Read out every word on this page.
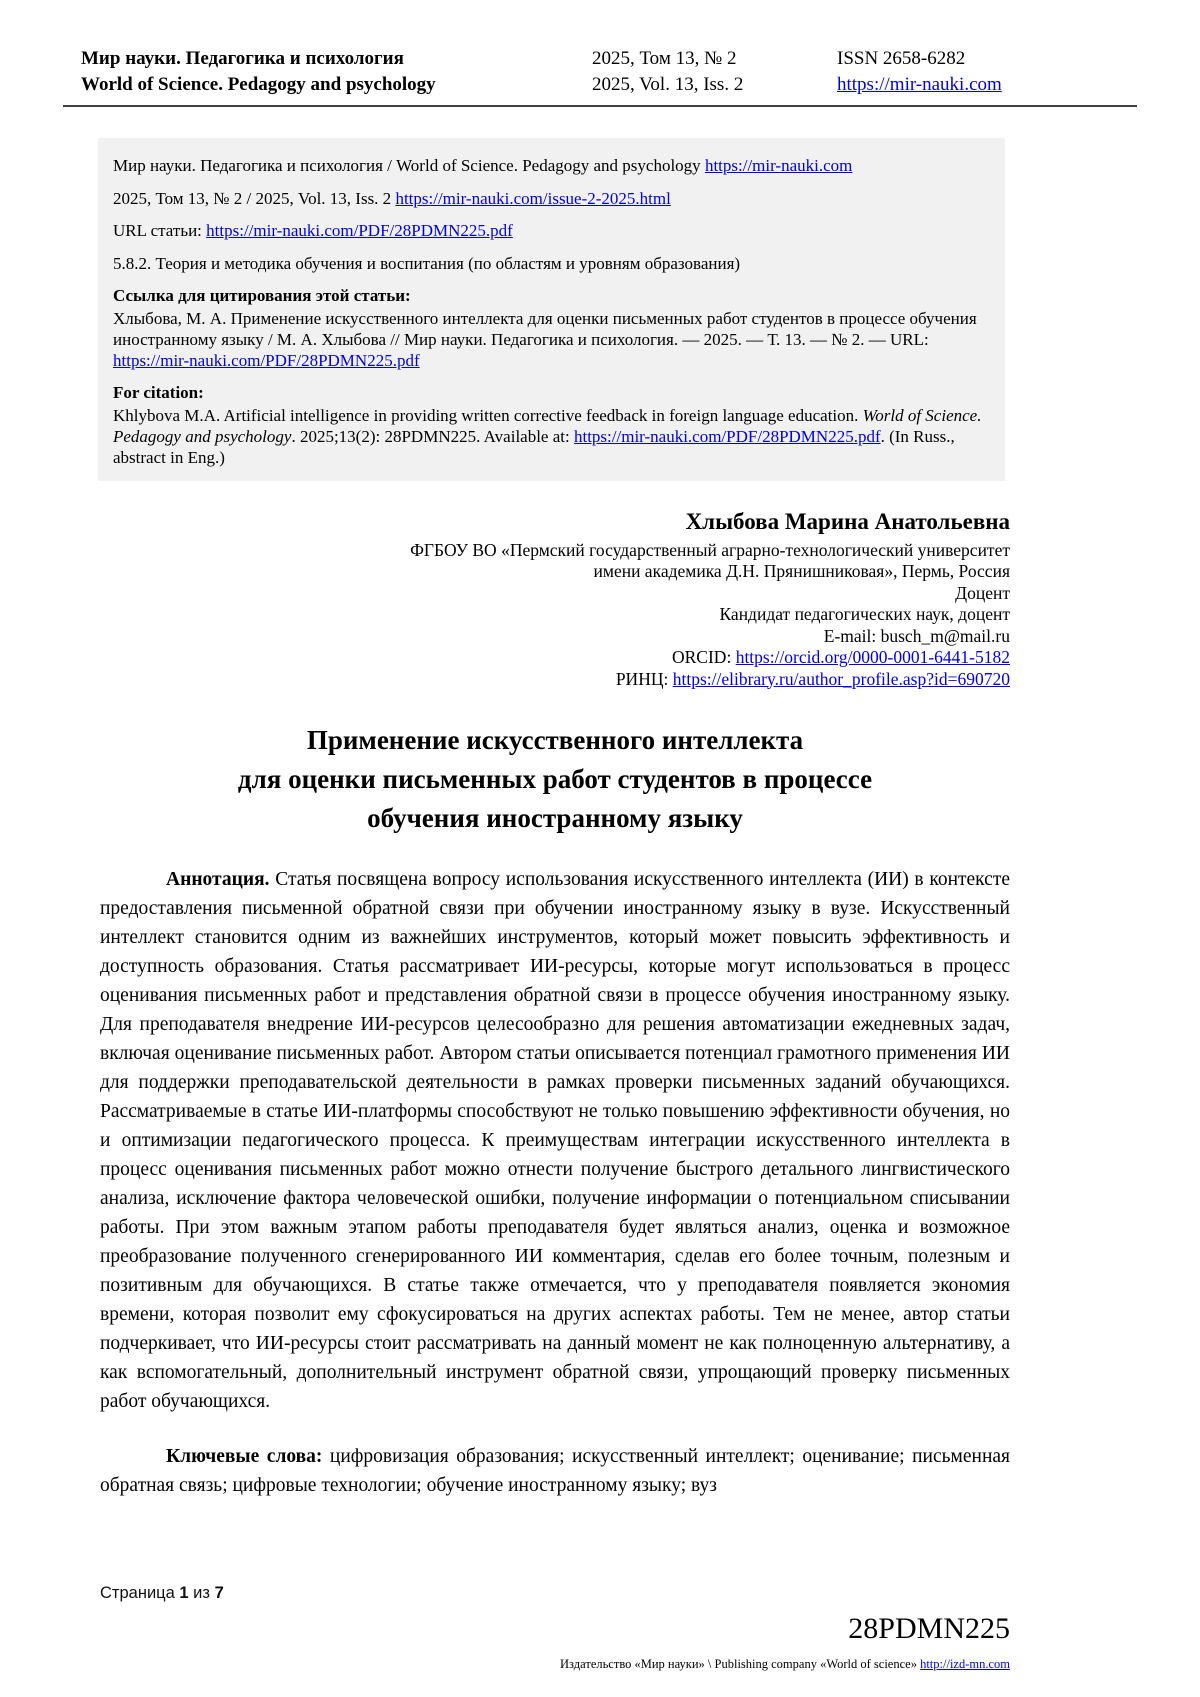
Мир науки. Педагогика и психология
World of Science. Pedagogy and psychology
2025, Том 13, № 2
2025, Vol. 13, Iss. 2
ISSN 2658-6282
https://mir-nauki.com
Мир науки. Педагогика и психология / World of Science. Pedagogy and psychology https://mir-nauki.com
2025, Том 13, № 2 / 2025, Vol. 13, Iss. 2 https://mir-nauki.com/issue-2-2025.html
URL статьи: https://mir-nauki.com/PDF/28PDMN225.pdf
5.8.2. Теория и методика обучения и воспитания (по областям и уровням образования)
Ссылка для цитирования этой статьи:
Хлыбова, М. А. Применение искусственного интеллекта для оценки письменных работ студентов в процессе обучения иностранному языку / М. А. Хлыбова // Мир науки. Педагогика и психология. — 2025. — Т. 13. — № 2. — URL: https://mir-nauki.com/PDF/28PDMN225.pdf
For citation:
Khlybova M.A. Artificial intelligence in providing written corrective feedback in foreign language education. World of Science. Pedagogy and psychology. 2025;13(2): 28PDMN225. Available at: https://mir-nauki.com/PDF/28PDMN225.pdf. (In Russ., abstract in Eng.)
Хлыбова Марина Анатольевна
ФГБОУ ВО «Пермский государственный аграрно-технологический университет
имени академика Д.Н. Прянишниковая», Пермь, Россия
Доцент
Кандидат педагогических наук, доцент
E-mail: busch_m@mail.ru
ORCID: https://orcid.org/0000-0001-6441-5182
РИНЦ: https://elibrary.ru/author_profile.asp?id=690720
Применение искусственного интеллекта
для оценки письменных работ студентов в процессе
обучения иностранному языку

Аннотация. Статья посвящена вопросу использования искусственного интеллекта (ИИ) в контексте предоставления письменной обратной связи при обучении иностранному языку в вузе. Искусственный интеллект становится одним из важнейших инструментов, который может повысить эффективность и доступность образования. Статья рассматривает ИИ-ресурсы, которые могут использоваться в процесс оценивания письменных работ и представления обратной связи в процессе обучения иностранному языку. Для преподавателя внедрение ИИ-ресурсов целесообразно для решения автоматизации ежедневных задач, включая оценивание письменных работ. Автором статьи описывается потенциал грамотного применения ИИ для поддержки преподавательской деятельности в рамках проверки письменных заданий обучающихся. Рассматриваемые в статье ИИ-платформы способствуют не только повышению эффективности обучения, но и оптимизации педагогического процесса. К преимуществам интеграции искусственного интеллекта в процесс оценивания письменных работ можно отнести получение быстрого детального лингвистического анализа, исключение фактора человеческой ошибки, получение информации о потенциальном списывании работы. При этом важным этапом работы преподавателя будет являться анализ, оценка и возможное преобразование полученного сгенерированного ИИ комментария, сделав его более точным, полезным и позитивным для обучающихся. В статье также отмечается, что у преподавателя появляется экономия времени, которая позволит ему сфокусироваться на других аспектах работы. Тем не менее, автор статьи подчеркивает, что ИИ-ресурсы стоит рассматривать на данный момент не как полноценную альтернативу, а как вспомогательный, дополнительный инструмент обратной связи, упрощающий проверку письменных работ обучающихся.

Ключевые слова: цифровизация образования; искусственный интеллект; оценивание; письменная обратная связь; цифровые технологии; обучение иностранному языку; вуз

Страница 1 из 7
28PDMN225
Издательство «Мир науки» \ Publishing company «World of science» http://izd-mn.com
